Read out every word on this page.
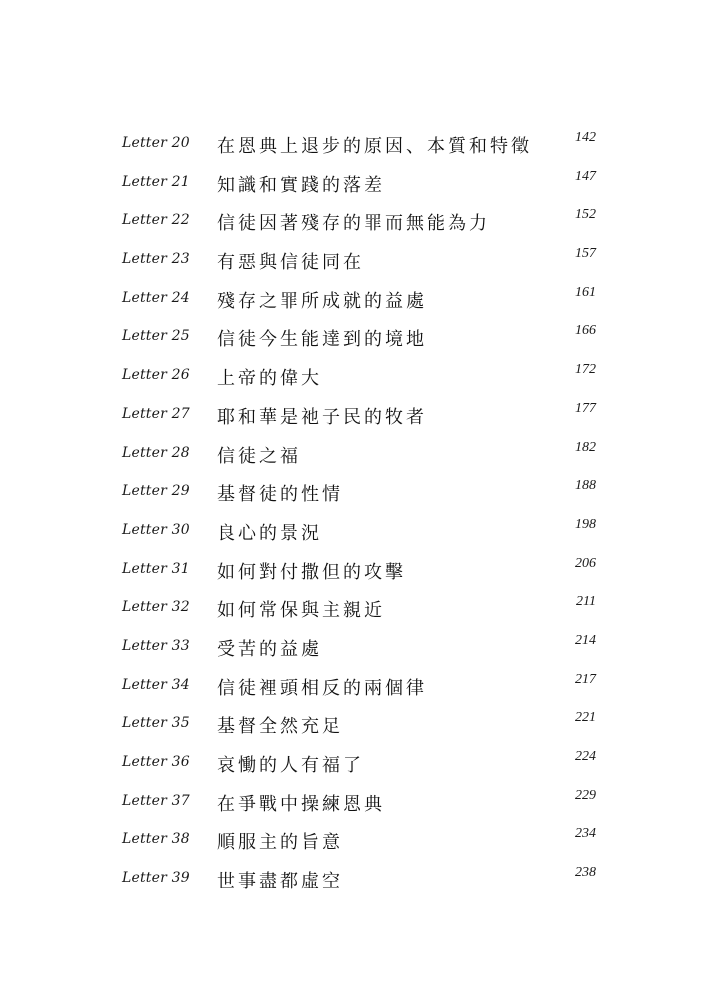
Letter 20 在恩典上退步的原因、本質和特徵	142
Letter 21 知識和實踐的落差	147
Letter 22 信徒因著殘存的罪而無能為力	152
Letter 23 有惡與信徒同在	157
Letter 24 殘存之罪所成就的益處	161
Letter 25 信徒今生能達到的境地	166
Letter 26 上帝的偉大	172
Letter 27 耶和華是祂子民的牧者	177
Letter 28 信徒之福	182
Letter 29 基督徒的性情	188
Letter 30 良心的景況	198
Letter 31 如何對付撒但的攻擊	206
Letter 32 如何常保與主親近	211
Letter 33 受苦的益處	214
Letter 34 信徒裡頭相反的兩個律	217
Letter 35 基督全然充足	221
Letter 36 哀慟的人有福了	224
Letter 37 在爭戰中操練恩典	229
Letter 38 順服主的旨意	234
Letter 39 世事盡都虛空	238
